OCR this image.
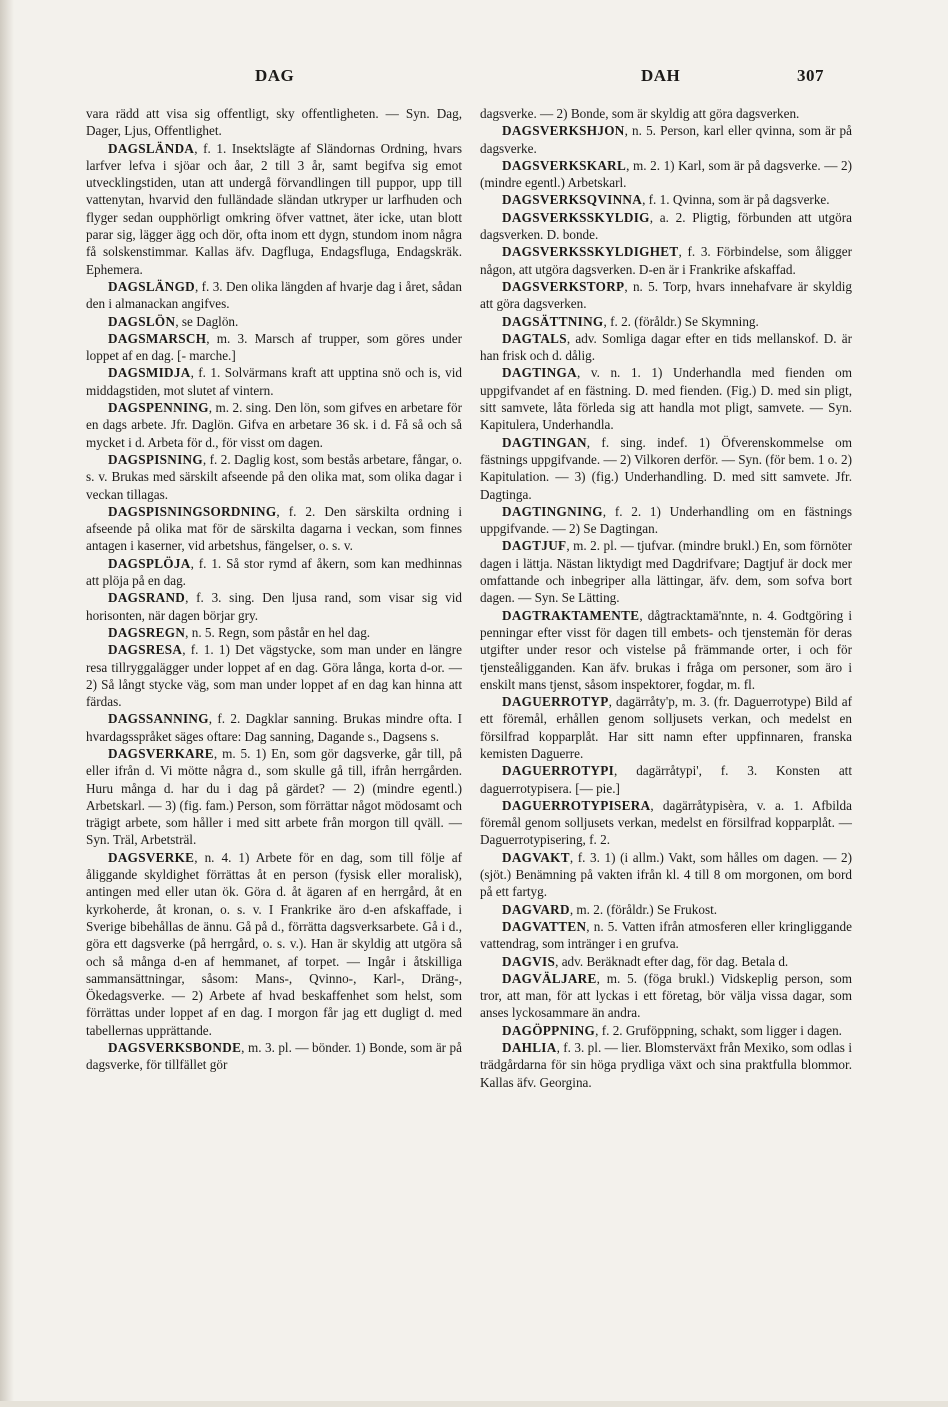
DAG	DAH	307

vara rädd att visa sig offentligt, sky offentligheten. — Syn. Dag, Dager, Ljus, Offentlighet.

DAGSLÄNDA, f. 1. Insektslägte af Sländornas Ordning, hvars larfver lefva i sjöar och åar, 2 till 3 år, samt begifva sig emot utvecklingstiden, utan att undergå förvandlingen till puppor, upp till vattenytan, hvarvid den fulländade sländan utkryper ur larfhuden och flyger sedan oupphörligt omkring öfver vattnet, äter icke, utan blott parar sig, lägger ägg och dör, ofta inom ett dygn, stundom inom några få solskenstimmar. Kallas äfv. Dagfluga, Endagsfluga, Endagskräk. Ephemera.

DAGSLÄNGD, f. 3. Den olika längden af hvarje dag i året, sådan den i almanackan angifves.

DAGSLÖN, se Daglön.

DAGSMARSCH, m. 3. Marsch af trupper, som göres under loppet af en dag. [- marche.]

DAGSMIDJA, f. 1. Solvärmans kraft att upptina snö och is, vid middagstiden, mot slutet af vintern.

DAGSPENNING, m. 2. sing. Den lön, som gifves en arbetare för en dags arbete. Jfr. Daglön. Gifva en arbetare 36 sk. i d. Få så och så mycket i d. Arbeta för d., för visst om dagen.

DAGSPISNING, f. 2. Daglig kost, som bestås arbetare, fångar, o. s. v. Brukas med särskilt afseende på den olika mat, som olika dagar i veckan tillagas.

DAGSPISNINGSORDNING, f. 2. Den särskilta ordning i afseende på olika mat för de särskilta dagarna i veckan, som finnes antagen i kaserner, vid arbetshus, fängelser, o. s. v.

DAGSPLÖJA, f. 1. Så stor rymd af åkern, som kan medhinnas att plöja på en dag.

DAGSRAND, f. 3. sing. Den ljusa rand, som visar sig vid horisonten, när dagen börjar gry.

DAGSREGN, n. 5. Regn, som påstår en hel dag.

DAGSRESA, f. 1. 1) Det vägstycke, som man under en längre resa tillryggalägger under loppet af en dag. Göra långa, korta d-or. — 2) Så långt stycke väg, som man under loppet af en dag kan hinna att färdas.

DAGSSANNING, f. 2. Dagklar sanning. Brukas mindre ofta. I hvardagsspråket säges oftare: Dag sanning, Dagande s., Dagsens s.

DAGSVERKARE, m. 5. 1) En, som gör dagsverke, går till, på eller ifrån d. Vi mötte några d., som skulle gå till, ifrån herrgården. Huru många d. har du i dag på gärdet? — 2) (mindre egentl.) Arbetskarl. — 3) (fig. fam.) Person, som förrättar något mödosamt och trägigt arbete, som håller i med sitt arbete från morgon till qväll. — Syn. Träl, Arbetsträl.

DAGSVERKE, n. 4. 1) Arbete för en dag, som till följe af åliggande skyldighet förrättas åt en person (fysisk eller moralisk), antingen med eller utan ök. Göra d. åt ägaren af en herrgård, åt en kyrkoherde, åt kronan, o. s. v. I Frankrike äro d-en afskaffade, i Sverige bibehållas de ännu. Gå på d., förrätta dagsverksarbete. Gå i d., göra ett dagsverke (på herrgård, o. s. v.). Han är skyldig att utgöra så och så många d-en af hemmanet, af torpet. — Ingår i åtskilliga sammansättningar, såsom: Mans-, Qvinno-, Karl-, Dräng-, Ökedagsverke. — 2) Arbete af hvad beskaffenhet som helst, som förrättas under loppet af en dag. I morgon får jag ett dugligt d. med tabellernas upprättande.

DAGSVERKSBONDE, m. 3. pl. — bönder. 1) Bonde, som är på dagsverke, för tillfället gör

dagsverke. — 2) Bonde, som är skyldig att göra dagsverken.

DAGSVERKSHJON, n. 5. Person, karl eller qvinna, som är på dagsverke.

DAGSVERKSKARL, m. 2. 1) Karl, som är på dagsverke. — 2) (mindre egentl.) Arbetskarl.

DAGSVERKSQVINNA, f. 1. Qvinna, som är på dagsverke.

DAGSVERKSSKYLDIG, a. 2. Pligtig, förbunden att utgöra dagsverken. D. bonde.

DAGSVERKSSKYLDIGHET, f. 3. Förbindelse, som åligger någon, att utgöra dagsverken. D-en är i Frankrike afskaffad.

DAGSVERKSTORP, n. 5. Torp, hvars innehafvare är skyldig att göra dagsverken.

DAGSÄTTNING, f. 2. (föråldr.) Se Skymning.

DAGTALS, adv. Somliga dagar efter en tids mellanskof. D. är han frisk och d. dålig.

DAGTINGA, v. n. 1. 1) Underhandla med fienden om uppgifvandet af en fästning. D. med fienden. (Fig.) D. med sin pligt, sitt samvete, låta förleda sig att handla mot pligt, samvete. — Syn. Kapitulera, Underhandla.

DAGTINGAN, f. sing. indef. 1) Öfverenskommelse om fästnings uppgifvande. — 2) Vilkoren derför. — Syn. (för bem. 1 o. 2) Kapitulation. — 3) (fig.) Underhandling. D. med sitt samvete. Jfr. Dagtinga.

DAGTINGNING, f. 2. 1) Underhandling om en fästnings uppgifvande. — 2) Se Dagtingan.

DAGTJUF, m. 2. pl. — tjufvar. (mindre brukl.) En, som förnöter dagen i lättja. Nästan liktydigt med Dagdrifvare; Dagtjuf är dock mer omfattande och inbegriper alla lättingar, äfv. dem, som sofva bort dagen. — Syn. Se Lätting.

DAGTRAKTAMENTE, dågtracktamä'nnte, n. 4. Godtgöring i penningar efter visst för dagen till embets- och tjenstemän för deras utgifter under resor och vistelse på främmande orter, i och för tjensteåligganden. Kan äfv. brukas i fråga om personer, som äro i enskilt mans tjenst, såsom inspektorer, fogdar, m. fl.

DAGUERROTYP, dagärråty'p, m. 3. (fr. Daguerrotype) Bild af ett föremål, erhållen genom solljusets verkan, och medelst en försilfrad kopparplåt. Har sitt namn efter uppfinnaren, franska kemisten Daguerre.

DAGUERROTYPI, dagärråtypi', f. 3. Konsten att daguerrotypisera. [— pie.]

DAGUERROTYPISERA, dagärråtypisèra, v. a. 1. Afbilda föremål genom solljusets verkan, medelst en försilfrad kopparplåt. — Daguerrotypisering, f. 2.

DAGVAKT, f. 3. 1) (i allm.) Vakt, som hålles om dagen. — 2) (sjöt.) Benämning på vakten ifrån kl. 4 till 8 om morgonen, om bord på ett fartyg.

DAGVARD, m. 2. (föråldr.) Se Frukost.

DAGVATTEN, n. 5. Vatten ifrån atmosferen eller kringliggande vattendrag, som intränger i en grufva.

DAGVIS, adv. Beräknadt efter dag, för dag. Betala d.

DAGVÄLJARE, m. 5. (föga brukl.) Vidskeplig person, som tror, att man, för att lyckas i ett företag, bör välja vissa dagar, som anses lyckosammare än andra.

DAGÖPPNING, f. 2. Gruföppning, schakt, som ligger i dagen.

DAHLIA, f. 3. pl. — lier. Blomsterväxt från Mexiko, som odlas i trädgårdarna för sin höga prydliga växt och sina praktfulla blommor. Kallas äfv. Georgina.
